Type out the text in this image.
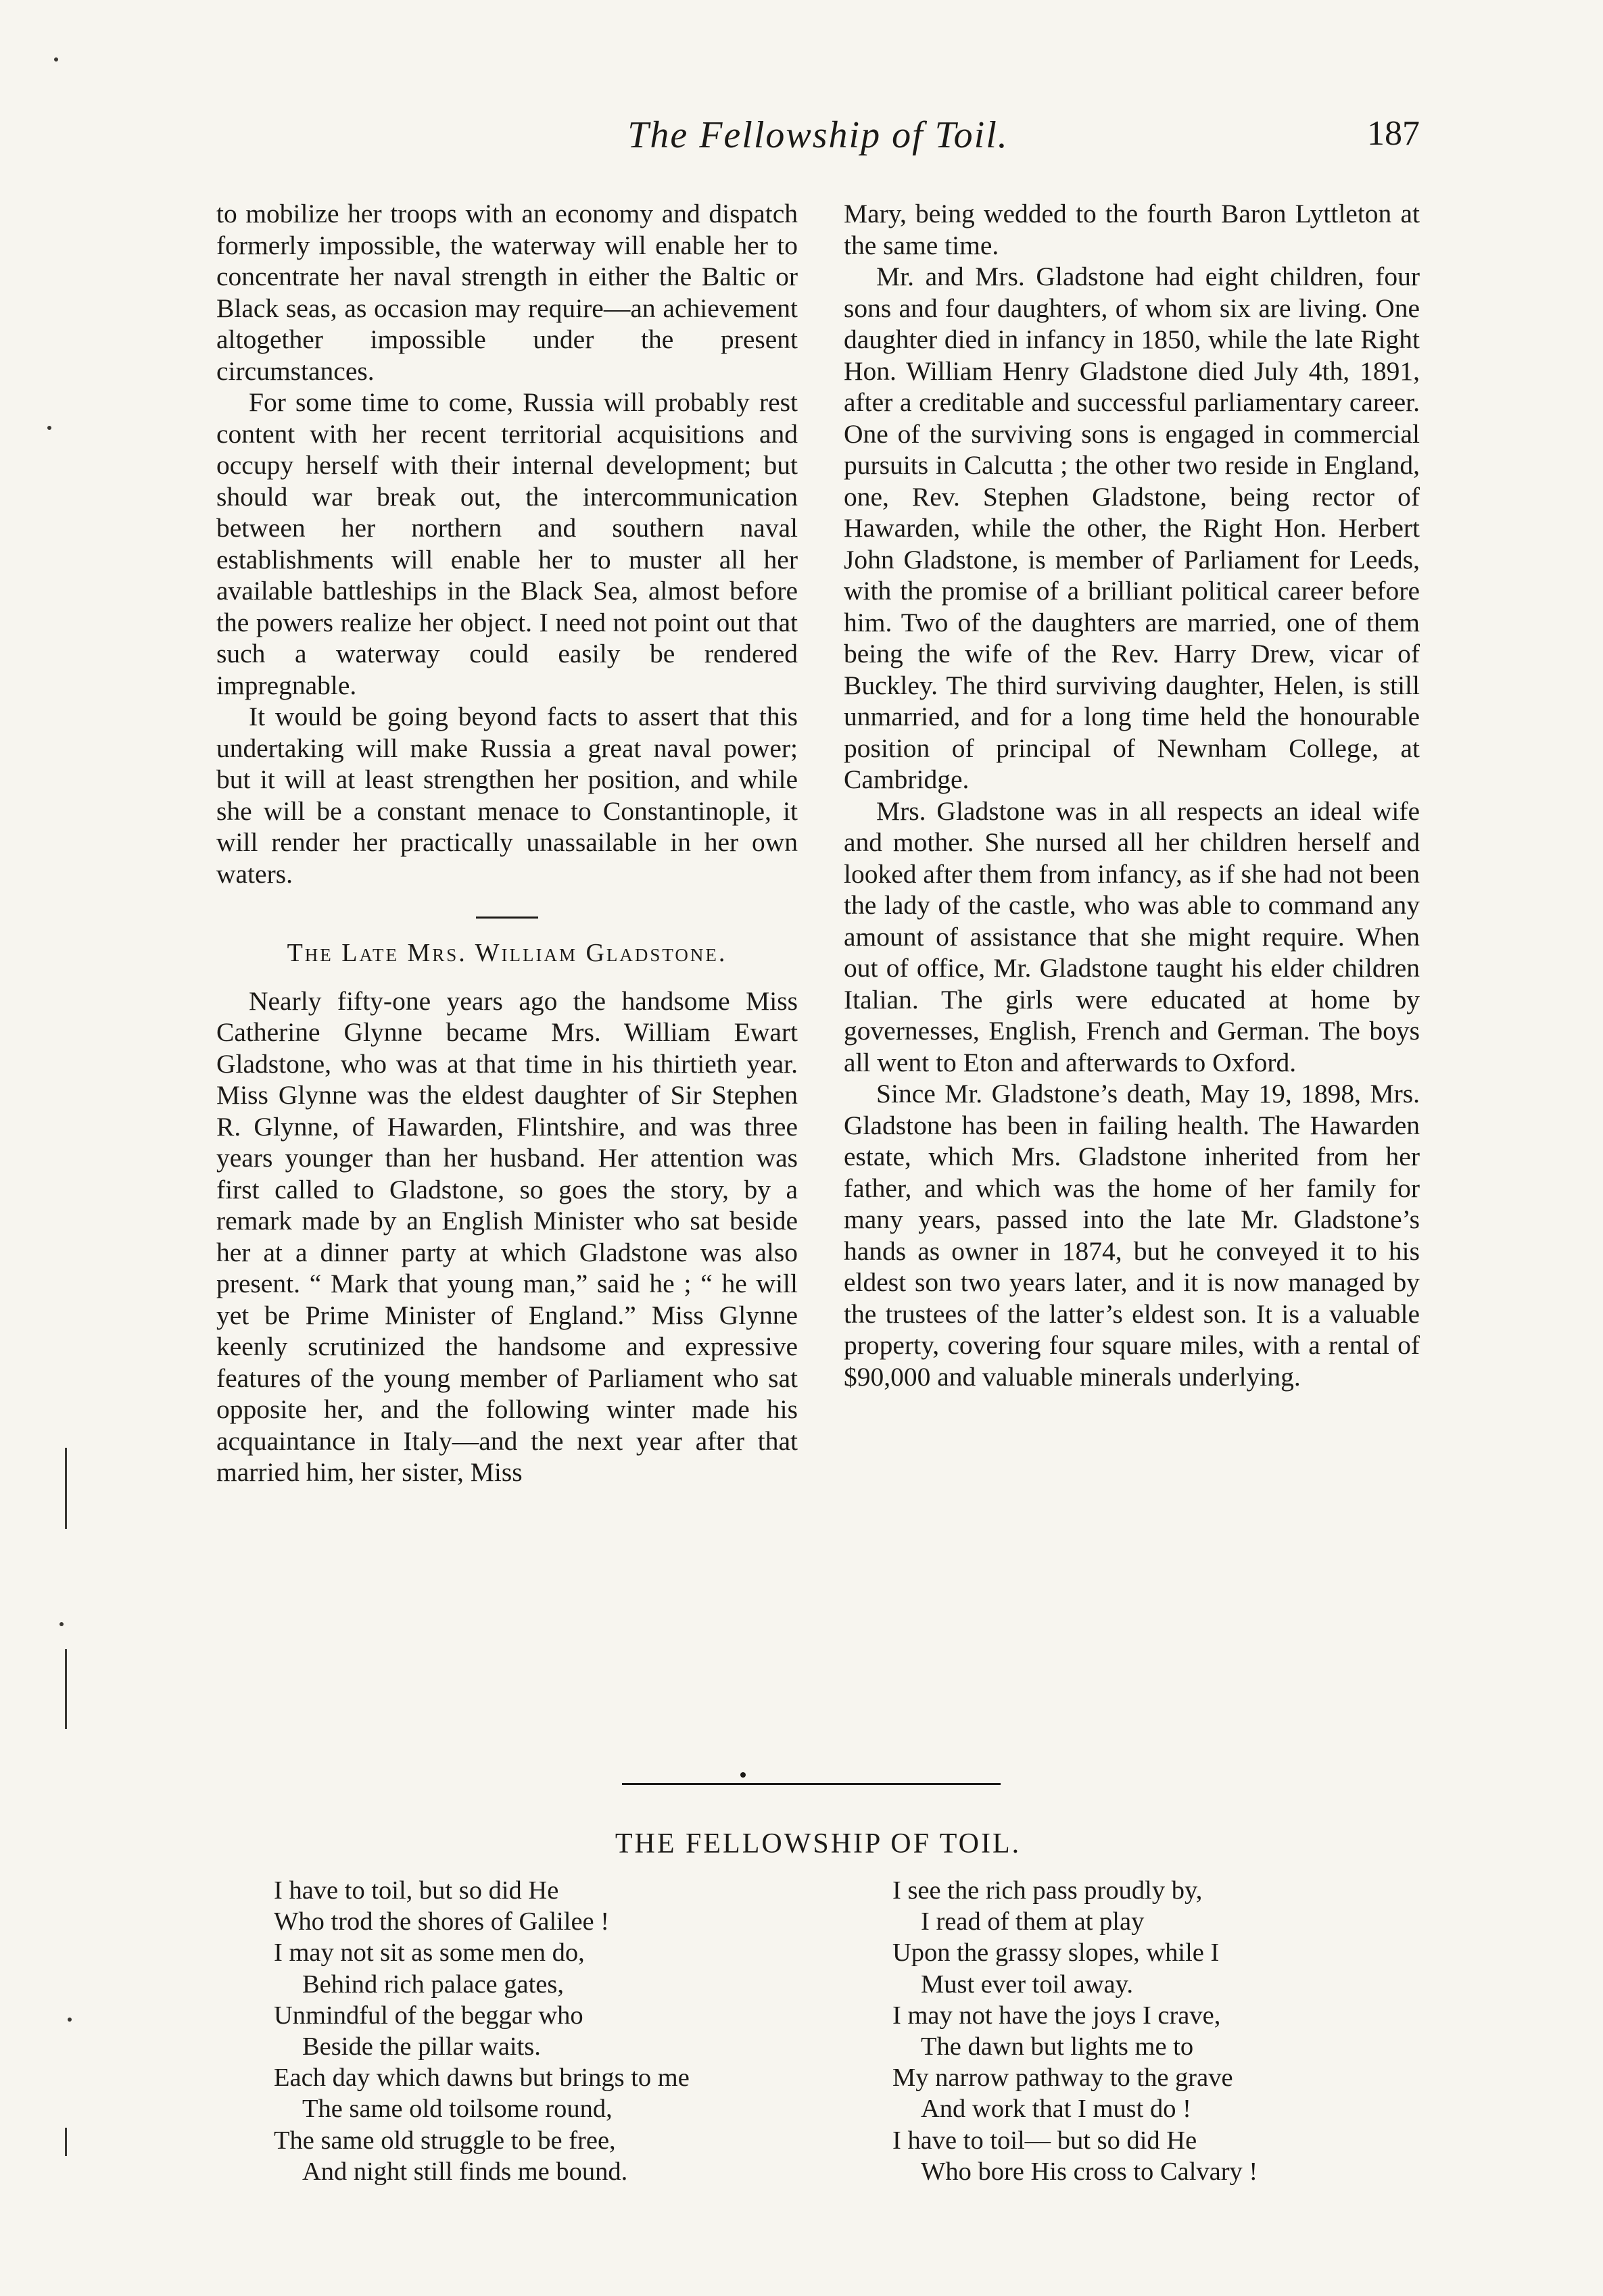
The Fellowship of Toil.	187

to mobilize her troops with an economy and dispatch formerly impossible, the waterway will enable her to concentrate her naval strength in either the Baltic or Black seas, as occasion may require—an achievement altogether impossible under the present circumstances.

For some time to come, Russia will probably rest content with her recent territorial acquisitions and occupy herself with their internal development; but should war break out, the intercommunication between her northern and southern naval establishments will enable her to muster all her available battleships in the Black Sea, almost before the powers realize her object. I need not point out that such a waterway could easily be rendered impregnable.

It would be going beyond facts to assert that this undertaking will make Russia a great naval power; but it will at least strengthen her position, and while she will be a constant menace to Constantinople, it will render her practically unassailable in her own waters.

The Late Mrs. William Gladstone.

Nearly fifty-one years ago the handsome Miss Catherine Glynne became Mrs. William Ewart Gladstone, who was at that time in his thirtieth year. Miss Glynne was the eldest daughter of Sir Stephen R. Glynne, of Hawarden, Flintshire, and was three years younger than her husband. Her attention was first called to Gladstone, so goes the story, by a remark made by an English Minister who sat beside her at a dinner party at which Gladstone was also present. “ Mark that young man,” said he ; “ he will yet be Prime Minister of England.” Miss Glynne keenly scrutinized the handsome and expressive features of the young member of Parliament who sat opposite her, and the following winter made his acquaintance in Italy—and the next year after that married him, her sister, Miss

Mary, being wedded to the fourth Baron Lyttleton at the same time.

Mr. and Mrs. Gladstone had eight children, four sons and four daughters, of whom six are living. One daughter died in infancy in 1850, while the late Right Hon. William Henry Gladstone died July 4th, 1891, after a creditable and successful parliamentary career. One of the surviving sons is engaged in commercial pursuits in Calcutta ; the other two reside in England, one, Rev. Stephen Gladstone, being rector of Hawarden, while the other, the Right Hon. Herbert John Gladstone, is member of Parliament for Leeds, with the promise of a brilliant political career before him. Two of the daughters are married, one of them being the wife of the Rev. Harry Drew, vicar of Buckley. The third surviving daughter, Helen, is still unmarried, and for a long time held the honourable position of principal of Newnham College, at Cambridge.

Mrs. Gladstone was in all respects an ideal wife and mother. She nursed all her children herself and looked after them from infancy, as if she had not been the lady of the castle, who was able to command any amount of assistance that she might require. When out of office, Mr. Gladstone taught his elder children Italian. The girls were educated at home by governesses, English, French and German. The boys all went to Eton and afterwards to Oxford.

Since Mr. Gladstone’s death, May 19, 1898, Mrs. Gladstone has been in failing health. The Hawarden estate, which Mrs. Gladstone inherited from her father, and which was the home of her family for many years, passed into the late Mr. Gladstone’s hands as owner in 1874, but he conveyed it to his eldest son two years later, and it is now managed by the trustees of the latter’s eldest son. It is a valuable property, covering four square miles, with a rental of $90,000 and valuable minerals underlying.

THE FELLOWSHIP OF TOIL.
I have to toil, but so did He
Who trod the shores of Galilee !
I may not sit as some men do,
Behind rich palace gates,
Unmindful of the beggar who
Beside the pillar waits.
Each day which dawns but brings to me
The same old toilsome round,
The same old struggle to be free,
And night still finds me bound.
I see the rich pass proudly by,
I read of them at play
Upon the grassy slopes, while I
Must ever toil away.
I may not have the joys I crave,
The dawn but lights me to
My narrow pathway to the grave
And work that I must do !
I have to toil— but so did He
Who bore His cross to Calvary !
